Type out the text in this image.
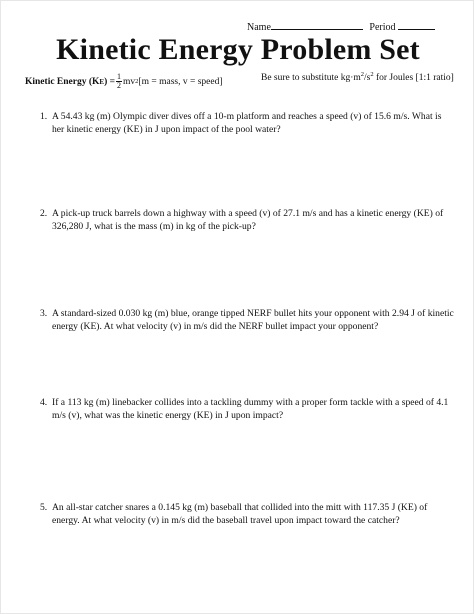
Name	Period
Kinetic Energy Problem Set
Kinetic Energy (K E ) = $\frac{1}{2}$ mv 2 [m = mass, v = speed]	Be sure to substitute $kg\cdot m^2/s^2$ for Joules [1:1 ratio]
1. A 54.43 kg (m) Olympic diver dives off a 10-m platform and reaches a speed (v) of 15.6 m/s. What is her kinetic energy (KE) in J upon impact of the pool water?
2. A pick-up truck barrels down a highway with a speed (v) of 27.1 m/s and has a kinetic energy (KE) of 326,280 J, what is the mass (m) in kg of the pick-up?
3. A standard-sized 0.030 kg (m) blue, orange tipped NERF bullet hits your opponent with 2.94 J of kinetic energy (KE). At what velocity (v) in m/s did the NERF bullet impact your opponent?
4. If a 113 kg (m) linebacker collides into a tackling dummy with a proper form tackle with a speed of 4.1 m/s (v), what was the kinetic energy (KE) in J upon impact?
5. An all-star catcher snares a 0.145 kg (m) baseball that collided into the mitt with 117.35 J (KE) of energy. At what velocity (v) in m/s did the baseball travel upon impact toward the catcher?
